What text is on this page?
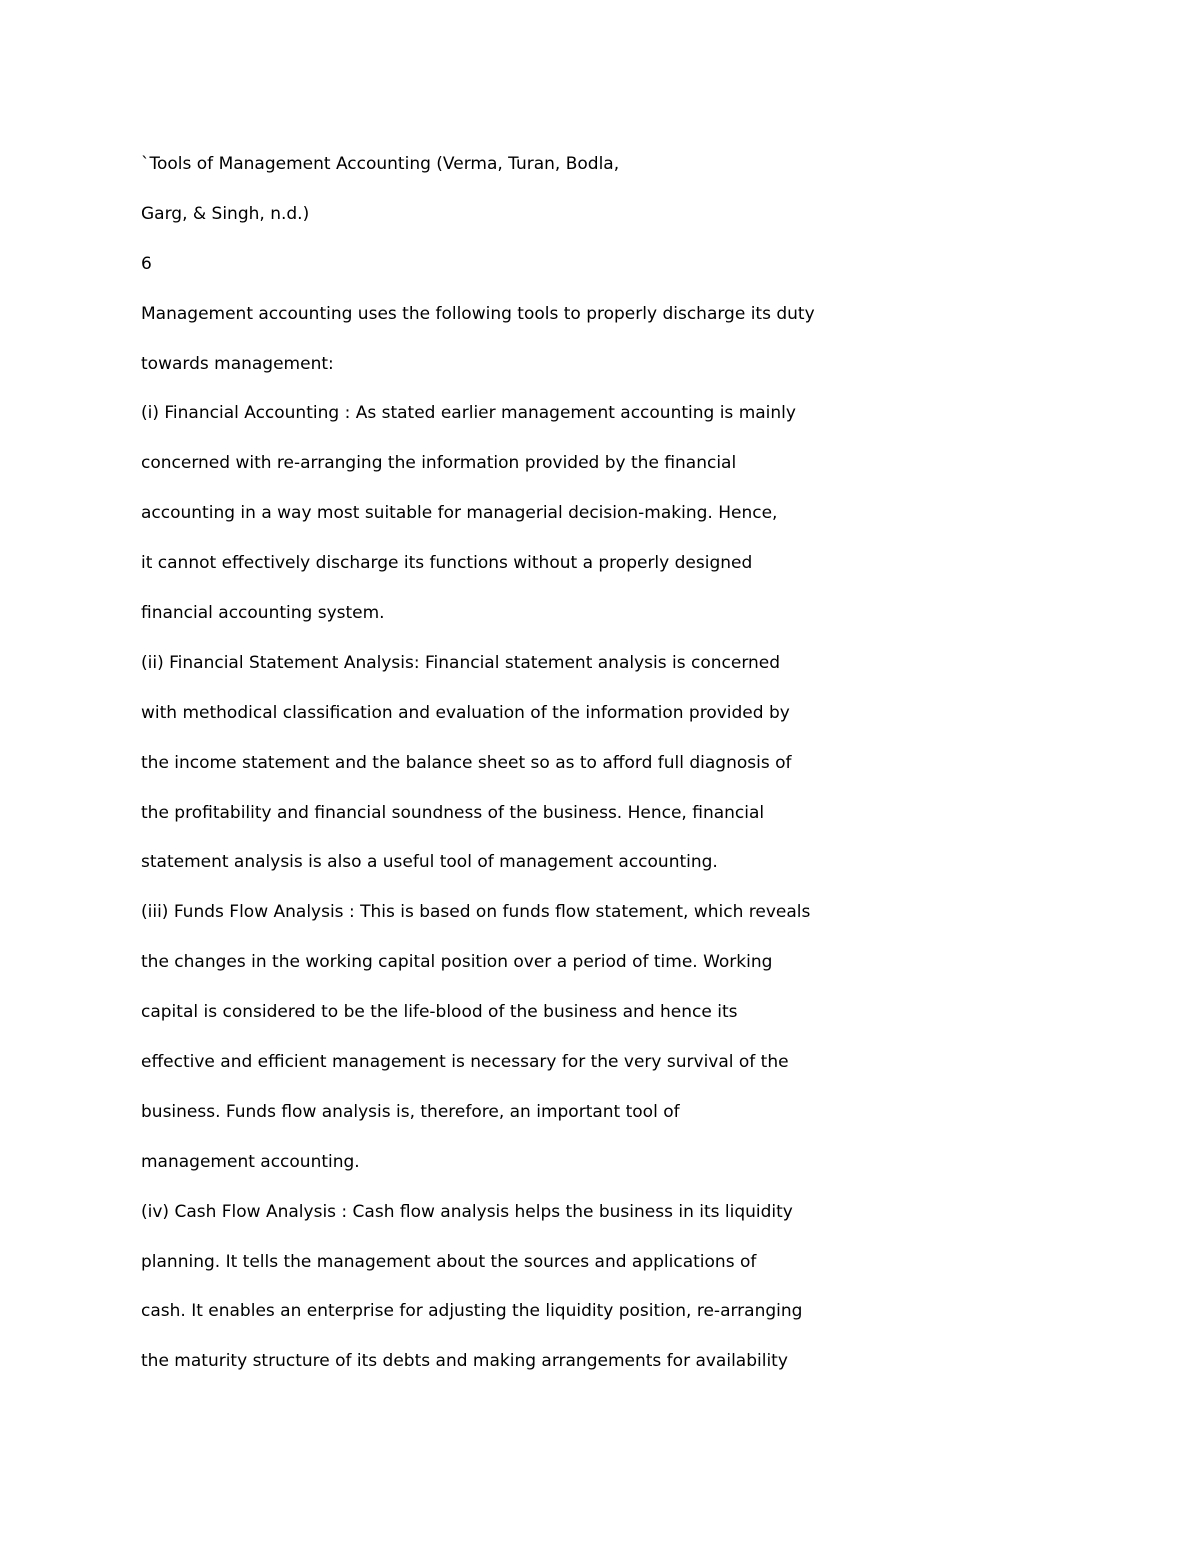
`Tools of Management Accounting (Verma, Turan, Bodla,
Garg, & Singh, n.d.)
6
Management accounting uses the following tools to properly discharge its duty
towards management:
(i) Financial Accounting : As stated earlier management accounting is mainly
concerned with re-arranging the information provided by the financial
accounting in a way most suitable for managerial decision-making. Hence,
it cannot effectively discharge its functions without a properly designed
financial accounting system.
(ii) Financial Statement Analysis: Financial statement analysis is concerned
with methodical classification and evaluation of the information provided by
the income statement and the balance sheet so as to afford full diagnosis of
the profitability and financial soundness of the business. Hence, financial
statement analysis is also a useful tool of management accounting.
(iii) Funds Flow Analysis : This is based on funds flow statement, which reveals
the changes in the working capital position over a period of time. Working
capital is considered to be the life-blood of the business and hence its
effective and efficient management is necessary for the very survival of the
business. Funds flow analysis is, therefore, an important tool of
management accounting.
(iv) Cash Flow Analysis : Cash flow analysis helps the business in its liquidity
planning. It tells the management about the sources and applications of
cash. It enables an enterprise for adjusting the liquidity position, re-arranging
the maturity structure of its debts and making arrangements for availability
